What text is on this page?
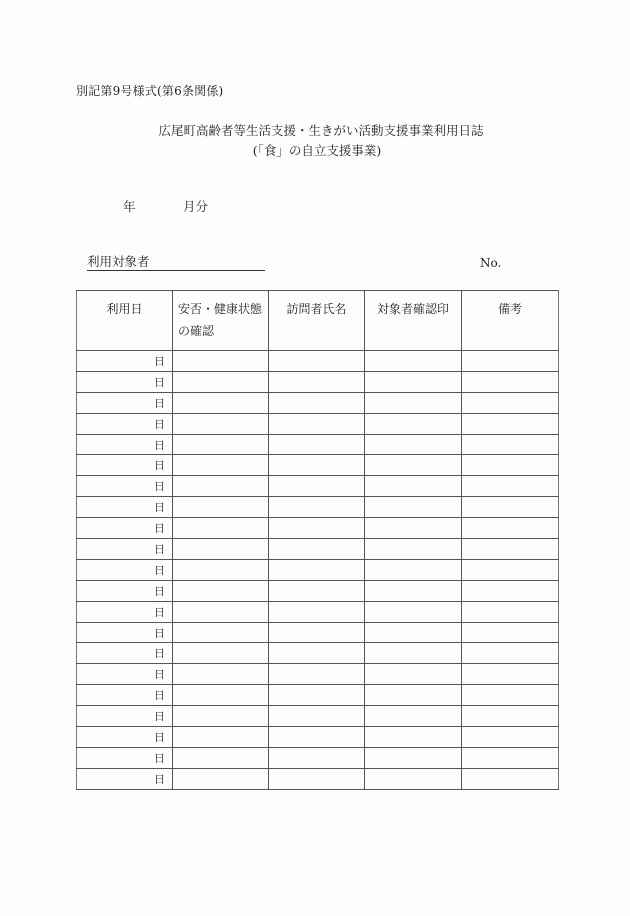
別記第9号様式(第6条関係)
広尾町高齢者等生活支援・生きがい活動支援事業利用日誌
(「食」の自立支援事業)
年	月分
利用対象者	No.
利用日	安否・健康状態の確認	訪問者氏名	対象者確認印	備考
日				
日				
日				
日				
日				
日				
日				
日				
日				
日				
日				
日				
日				
日				
日				
日				
日				
日				
日				
日				
日				
